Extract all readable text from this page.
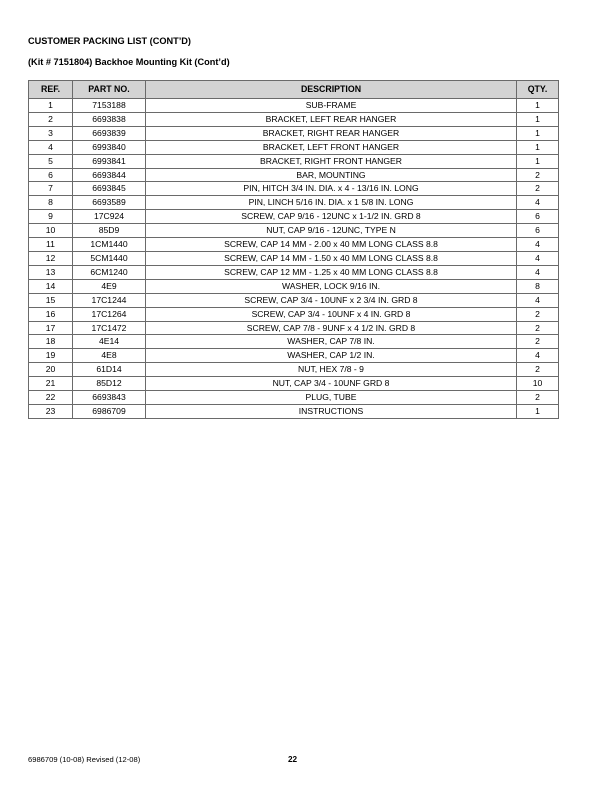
CUSTOMER PACKING LIST (CONT’D)

(Kit # 7151804) Backhoe Mounting Kit (Cont’d)

REF.	PART NO.	DESCRIPTION	QTY.
1	7153188	SUB-FRAME	1
2	6693838	BRACKET, LEFT REAR HANGER	1
3	6693839	BRACKET, RIGHT REAR HANGER	1
4	6993840	BRACKET, LEFT FRONT HANGER	1
5	6993841	BRACKET, RIGHT FRONT HANGER	1
6	6693844	BAR, MOUNTING	2
7	6693845	PIN, HITCH 3/4 IN. DIA. x 4 - 13/16 IN. LONG	2
8	6693589	PIN, LINCH 5/16 IN. DIA. x 1 5/8 IN. LONG	4
9	17C924	SCREW, CAP 9/16 - 12UNC x 1-1/2 IN. GRD 8	6
10	85D9	NUT, CAP 9/16 - 12UNC, TYPE N	6
11	1CM1440	SCREW, CAP 14 MM - 2.00 x 40 MM LONG CLASS 8.8	4
12	5CM1440	SCREW, CAP 14 MM - 1.50 x 40 MM LONG CLASS 8.8	4
13	6CM1240	SCREW, CAP 12 MM - 1.25 x 40 MM LONG CLASS 8.8	4
14	4E9	WASHER, LOCK 9/16 IN.	8
15	17C1244	SCREW, CAP 3/4 - 10UNF x 2 3/4 IN. GRD 8	4
16	17C1264	SCREW, CAP 3/4 - 10UNF x 4 IN. GRD 8	2
17	17C1472	SCREW, CAP 7/8 - 9UNF x 4 1/2 IN. GRD 8	2
18	4E14	WASHER, CAP 7/8 IN.	2
19	4E8	WASHER, CAP 1/2 IN.	4
20	61D14	NUT, HEX 7/8 - 9	2
21	85D12	NUT, CAP 3/4 - 10UNF GRD 8	10
22	6693843	PLUG, TUBE	2
23	6986709	INSTRUCTIONS	1
6986709 (10-08) Revised (12-08)	22
